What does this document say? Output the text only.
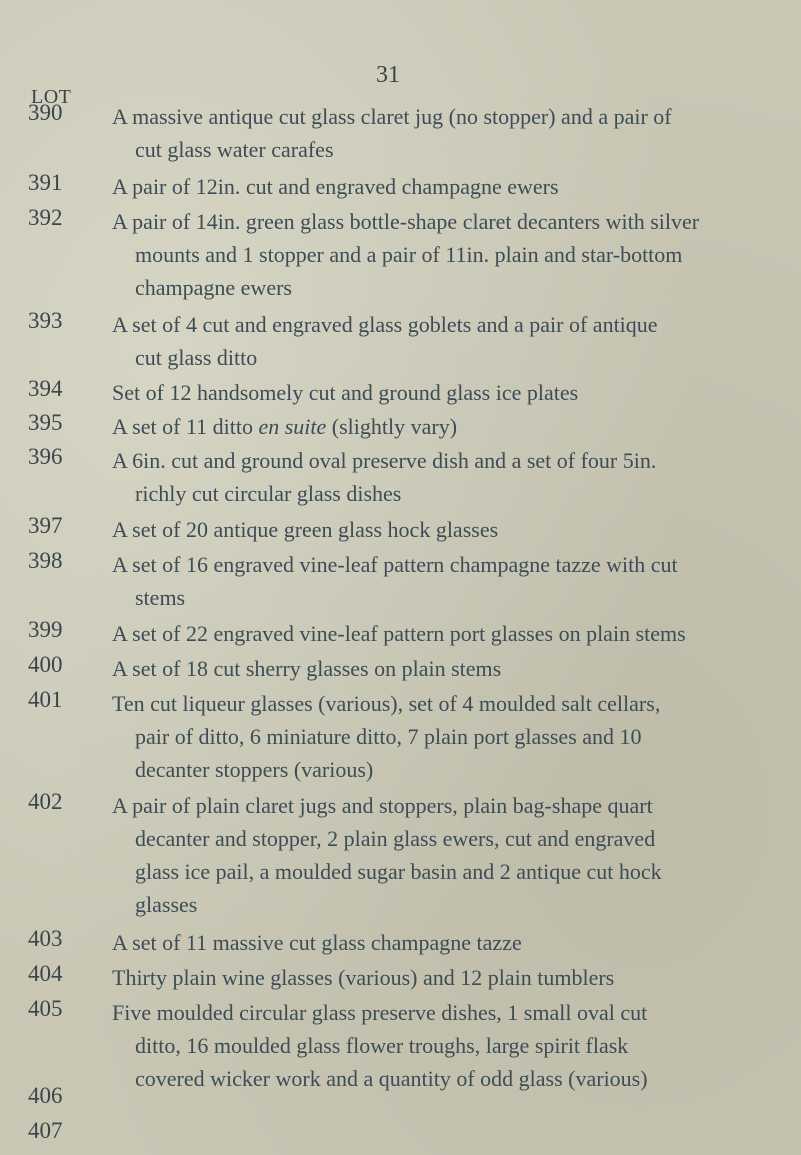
31
LOT
390 A massive antique cut glass claret jug (no stopper) and a pair of
cut glass water carafes
391 A pair of 12in. cut and engraved champagne ewers
392 A pair of 14in. green glass bottle-shape claret decanters with silver
mounts and 1 stopper and a pair of 11in. plain and star-bottom
champagne ewers
393 A set of 4 cut and engraved glass goblets and a pair of antique
cut glass ditto
394 Set of 12 handsomely cut and ground glass ice plates
395 A set of 11 ditto en suite (slightly vary)
396 A 6in. cut and ground oval preserve dish and a set of four 5in.
richly cut circular glass dishes
397 A set of 20 antique green glass hock glasses
398 A set of 16 engraved vine-leaf pattern champagne tazze with cut
stems
399 A set of 22 engraved vine-leaf pattern port glasses on plain stems
400 A set of 18 cut sherry glasses on plain stems
401 Ten cut liqueur glasses (various), set of 4 moulded salt cellars,
pair of ditto, 6 miniature ditto, 7 plain port glasses and 10
decanter stoppers (various)
402 A pair of plain claret jugs and stoppers, plain bag-shape quart
decanter and stopper, 2 plain glass ewers, cut and engraved
glass ice pail, a moulded sugar basin and 2 antique cut hock
glasses
403 A set of 11 massive cut glass champagne tazze
404 Thirty plain wine glasses (various) and 12 plain tumblers
405 Five moulded circular glass preserve dishes, 1 small oval cut
ditto, 16 moulded glass flower troughs, large spirit flask
covered wicker work and a quantity of odd glass (various)
406
407
